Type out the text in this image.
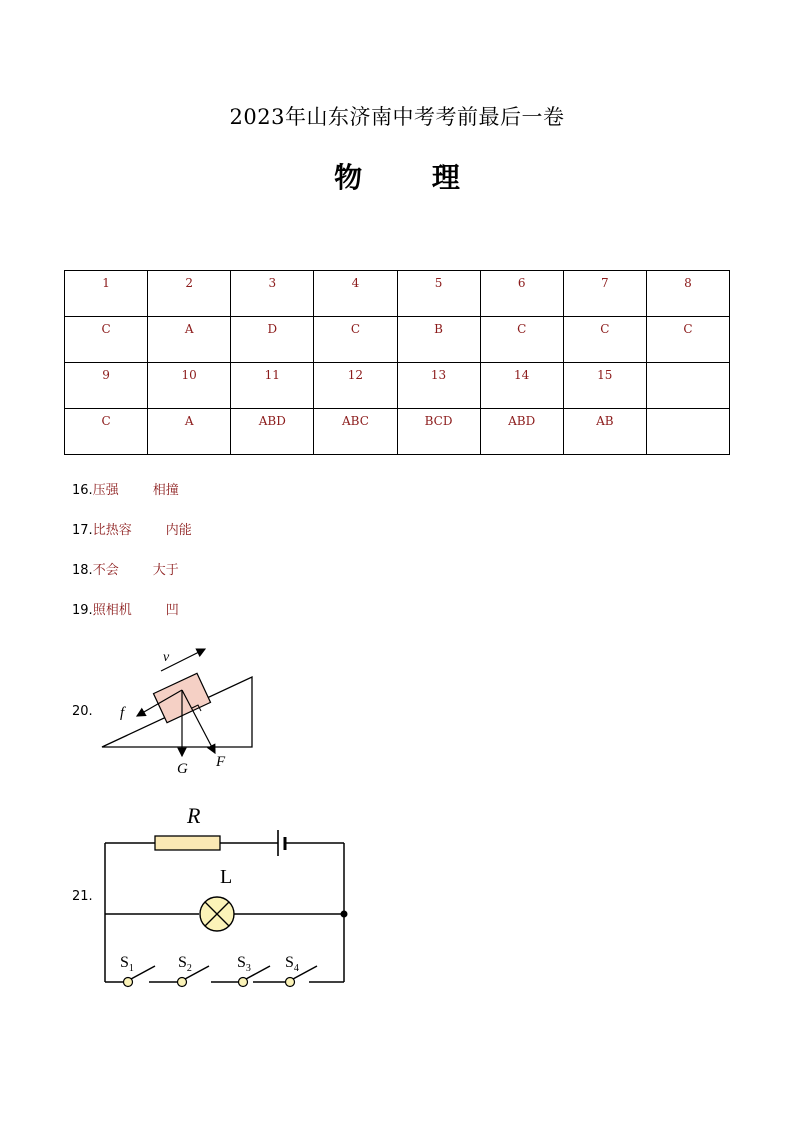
2023年山东济南中考考前最后一卷
物 理
1	2	3	4	5	6	7	8
C	A	D	C	B	C	C	C
9	10	11	12	13	14	15	
C	A	ABD	ABC	BCD	ABD	AB	
16.压强	相撞
17.比热容	内能
18.不会	大于
19.照相机	凹
20.
v
f
G F
21.
R
L
$S_1$	$S_2$	$S_3$ $S_4$
